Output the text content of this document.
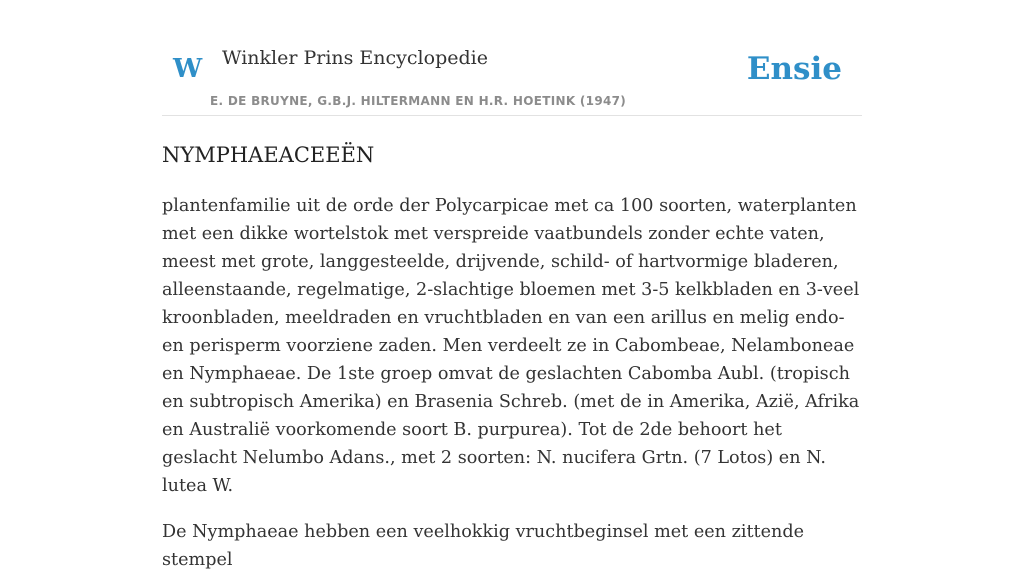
W Winkler Prins Encyclopedie
E. DE BRUYNE, G.B.J. HILTERMANN EN H.R. HOETINK (1947)
Ensie
NYMPHAEACEEËN

plantenfamilie uit de orde der Polycarpicae met ca 100 soorten, waterplanten met een dikke wortelstok met verspreide vaatbundels zonder echte vaten, meest met grote, langgesteelde, drijvende, schild- of hartvormige bladeren, alleenstaande, regelmatige, 2-slachtige bloemen met 3-5 kelkbladen en 3-veel kroonbladen, meeldraden en vruchtbladen en van een arillus en melig endo- en perisperm voorziene zaden. Men verdeelt ze in Cabombeae, Nelamboneae en Nymphaeae. De 1ste groep omvat de geslachten Cabomba Aubl. (tropisch en subtropisch Amerika) en Brasenia Schreb. (met de in Amerika, Azië, Afrika en Australië voorkomende soort B. purpurea). Tot de 2de behoort het geslacht Nelumbo Adans., met 2 soorten: N. nucifera Grtn. (7 Lotos) en N. lutea W.

De Nymphaeae hebben een veelhokkig vruchtbeginsel met een zittende stempel
